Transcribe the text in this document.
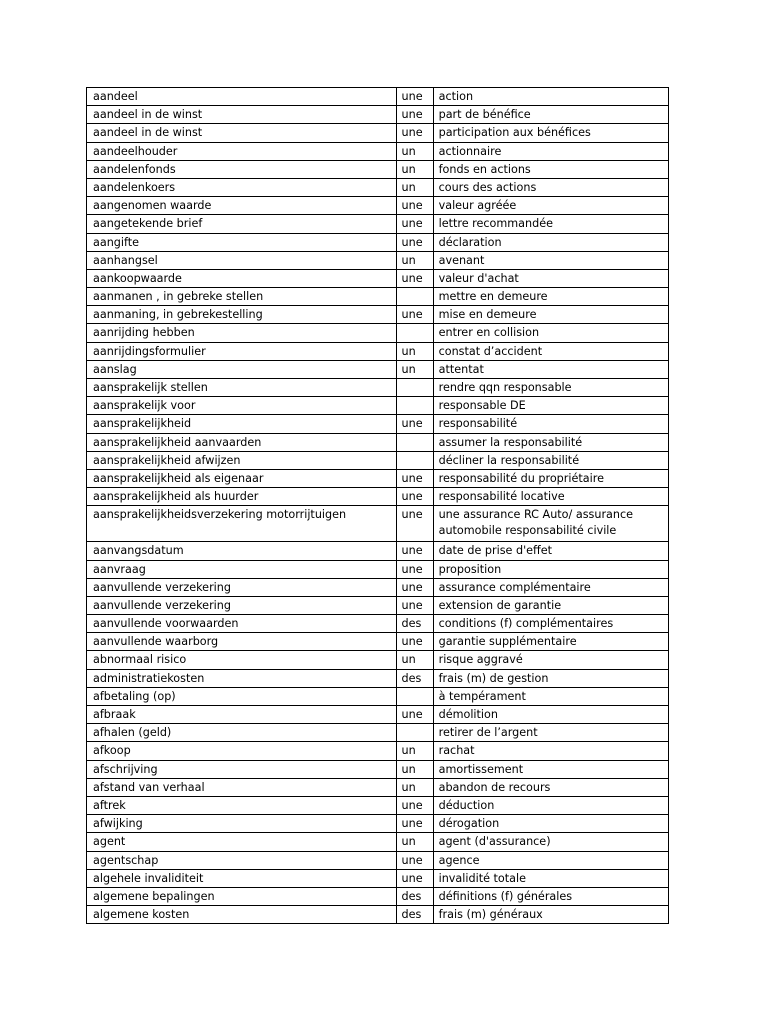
aandeel	une	action
aandeel in de winst	une	part de bénéfice
aandeel in de winst	une	participation aux bénéfices
aandeelhouder	un	actionnaire
aandelenfonds	un	fonds en actions
aandelenkoers	un	cours des actions
aangenomen waarde	une	valeur agréée
aangetekende brief	une	lettre recommandée
aangifte	une	déclaration
aanhangsel	un	avenant
aankoopwaarde	une	valeur d'achat
aanmanen , in gebreke stellen		mettre en demeure
aanmaning, in gebrekestelling	une	mise en demeure
aanrijding hebben		entrer en collision
aanrijdingsformulier	un	constat d’accident
aanslag	un	attentat
aansprakelijk stellen		rendre qqn responsable
aansprakelijk voor		responsable DE
aansprakelijkheid	une	responsabilité
aansprakelijkheid aanvaarden		assumer la responsabilité
aansprakelijkheid afwijzen		décliner la responsabilité
aansprakelijkheid als eigenaar	une	responsabilité du propriétaire
aansprakelijkheid als huurder	une	responsabilité locative
aansprakelijkheidsverzekering motorrijtuigen	une	une assurance RC Auto/ assurance automobile responsabilité civile
aanvangsdatum	une	date de prise d'effet
aanvraag	une	proposition
aanvullende verzekering	une	assurance complémentaire
aanvullende verzekering	une	extension de garantie
aanvullende voorwaarden	des	conditions (f) complémentaires
aanvullende waarborg	une	garantie supplémentaire
abnormaal risico	un	risque aggravé
administratiekosten	des	frais (m) de gestion
afbetaling (op)		à tempérament
afbraak	une	démolition
afhalen (geld)		retirer de l’argent
afkoop	un	rachat
afschrijving	un	amortissement
afstand van verhaal	un	abandon de recours
aftrek	une	déduction
afwijking	une	dérogation
agent	un	agent (d'assurance)
agentschap	une	agence
algehele invaliditeit	une	invalidité totale
algemene bepalingen	des	définitions (f) générales
algemene kosten	des	frais (m) généraux
